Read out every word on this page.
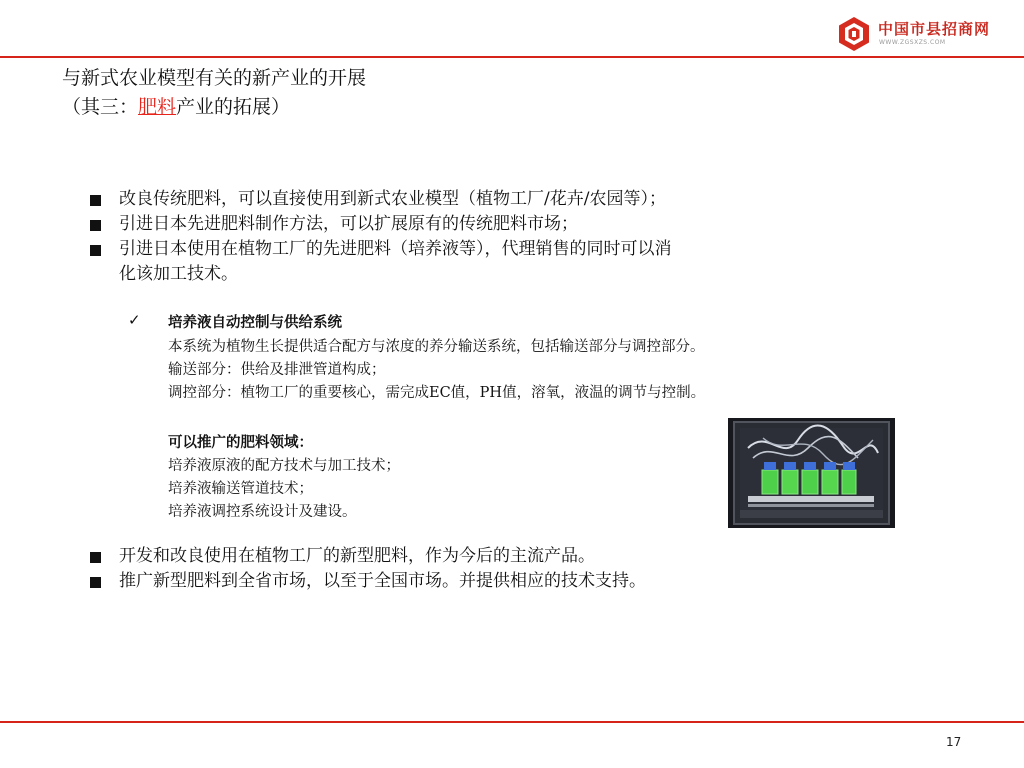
中国市县招商网
WWW.ZGSXZS.COM
与新式农业模型有关的新产业的开展
（其三：肥料产业的拓展）
改良传统肥料，可以直接使用到新式农业模型（植物工厂/花卉/农园等）；
引进日本先进肥料制作方法，可以扩展原有的传统肥料市场；
引进日本使用在植物工厂的先进肥料（培养液等），代理销售的同时可以消
化该加工技术。
✓ 培养液自动控制与供给系统
本系统为植物生长提供适合配方与浓度的养分输送系统，包括输送部分与调控部分。
输送部分：供给及排泄管道构成；
调控部分：植物工厂的重要核心，需完成EC值，PH值，溶氧，液温的调节与控制。
可以推广的肥料领域：
培养液原液的配方技术与加工技术；
培养液输送管道技术；
培养液调控系统设计及建设。
开发和改良使用在植物工厂的新型肥料，作为今后的主流产品。
推广新型肥料到全省市场，以至于全国市场。并提供相应的技术支持。
17
